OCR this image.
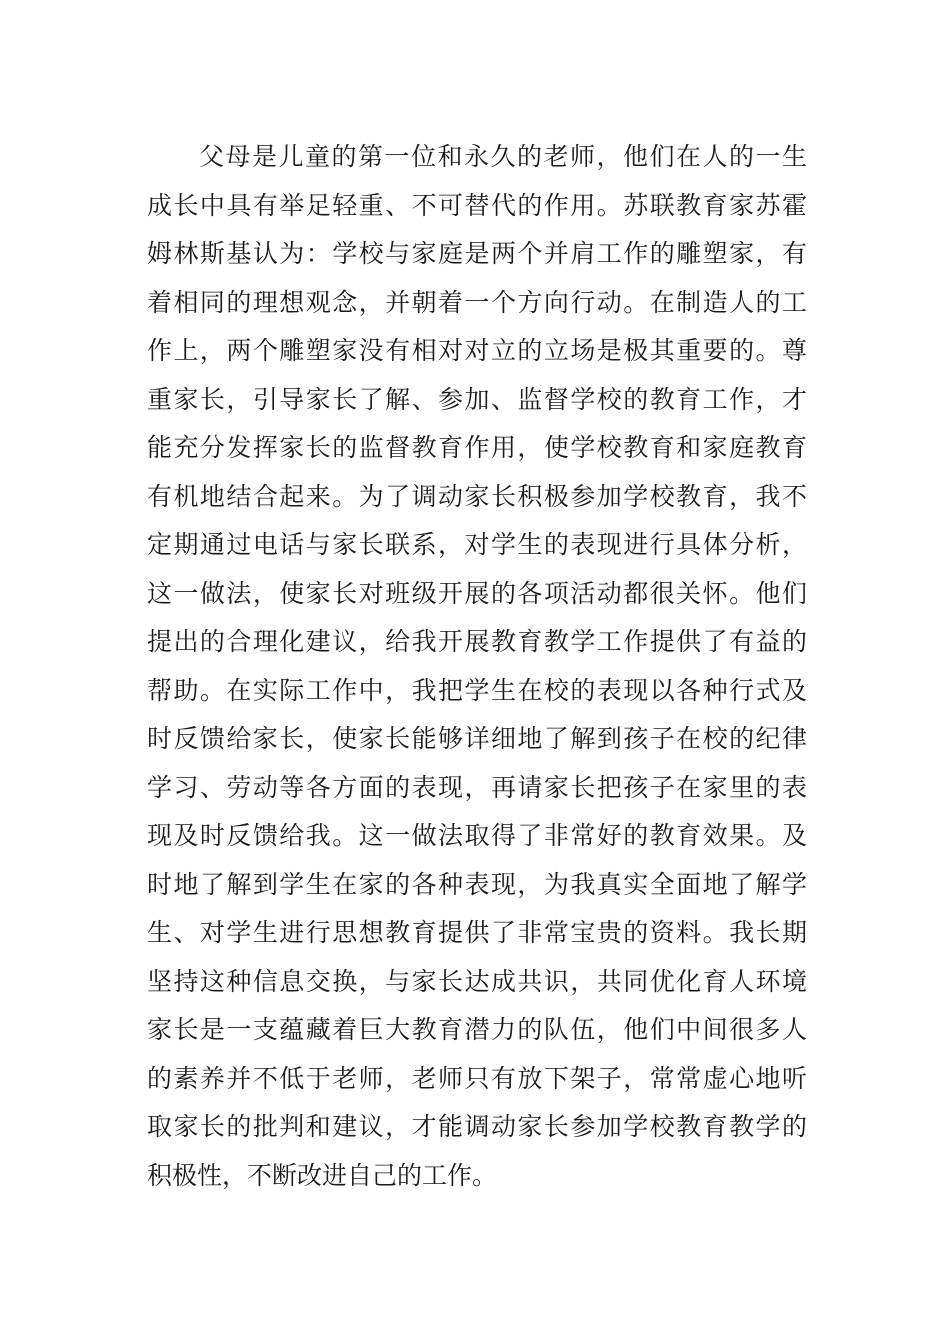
父母是儿童的第一位和永久的老师，他们在人的一生
成长中具有举足轻重、不可替代的作用。苏联教育家苏霍
姆林斯基认为：学校与家庭是两个并肩工作的雕塑家，有
着相同的理想观念，并朝着一个方向行动。在制造人的工
作上，两个雕塑家没有相对对立的立场是极其重要的。尊
重家长，引导家长了解、参加、监督学校的教育工作，才
能充分发挥家长的监督教育作用，使学校教育和家庭教育
有机地结合起来。为了调动家长积极参加学校教育，我不
定期通过电话与家长联系，对学生的表现进行具体分析，
这一做法，使家长对班级开展的各项活动都很关怀。他们
提出的合理化建议，给我开展教育教学工作提供了有益的
帮助。在实际工作中，我把学生在校的表现以各种行式及
时反馈给家长，使家长能够详细地了解到孩子在校的纪律
学习、劳动等各方面的表现，再请家长把孩子在家里的表
现及时反馈给我。这一做法取得了非常好的教育效果。及
时地了解到学生在家的各种表现，为我真实全面地了解学
生、对学生进行思想教育提供了非常宝贵的资料。我长期
坚持这种信息交换，与家长达成共识，共同优化育人环境
家长是一支蕴藏着巨大教育潜力的队伍，他们中间很多人
的素养并不低于老师，老师只有放下架子，常常虚心地听
取家长的批判和建议，才能调动家长参加学校教育教学的
积极性，不断改进自己的工作。
